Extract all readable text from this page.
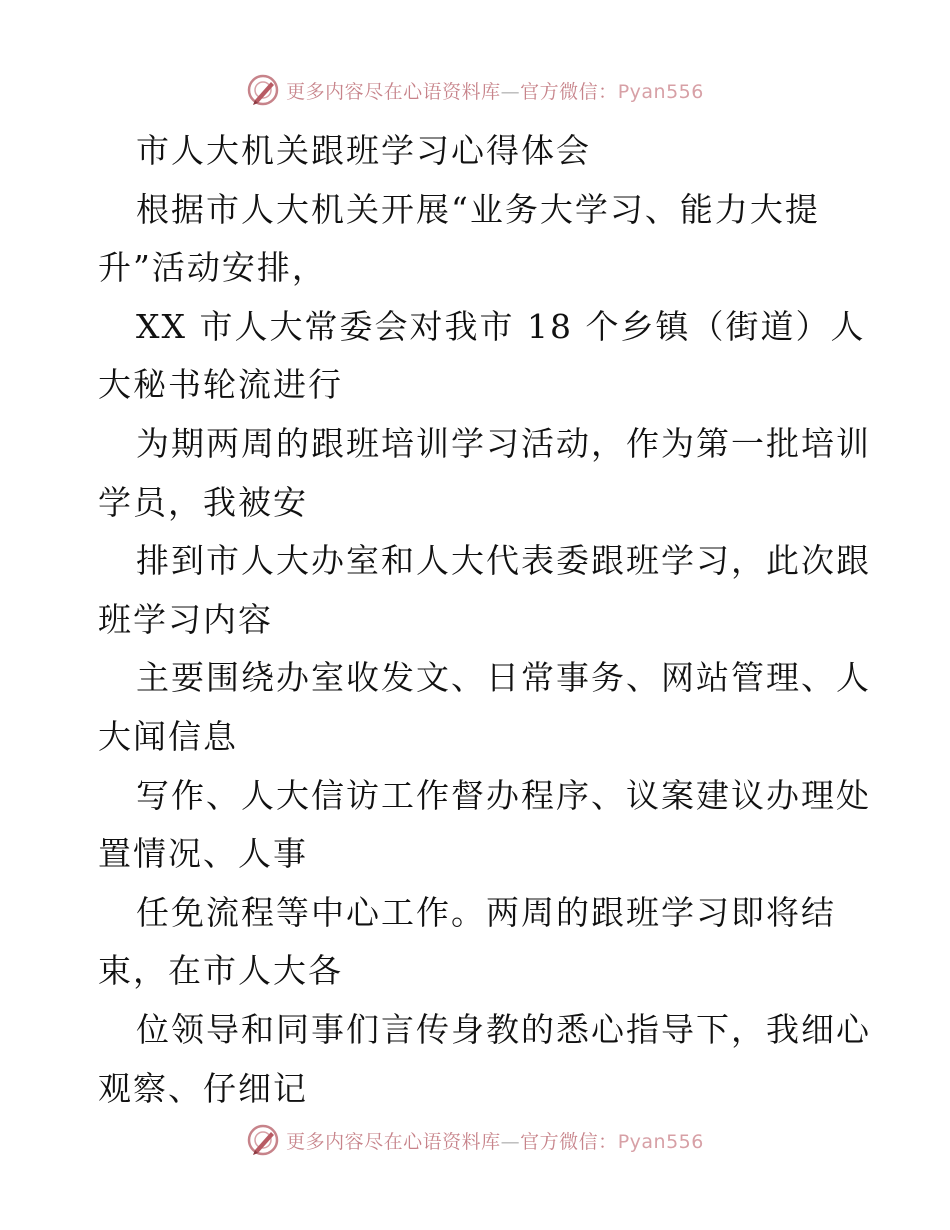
更多内容尽在心语资料库—官方微信：Pyan556
市人大机关跟班学习心得体会
根据市人大机关开展“业务大学习、能力大提
升”活动安排，
XX 市人大常委会对我市 18 个乡镇（街道）人
大秘书轮流进行
为期两周的跟班培训学习活动，作为第一批培训
学员，我被安
排到市人大办室和人大代表委跟班学习，此次跟
班学习内容
主要围绕办室收发文、日常事务、网站管理、人
大闻信息
写作、人大信访工作督办程序、议案建议办理处
置情况、人事
任免流程等中心工作。两周的跟班学习即将结
束，在市人大各
位领导和同事们言传身教的悉心指导下，我细心
观察、仔细记
更多内容尽在心语资料库—官方微信：Pyan556
